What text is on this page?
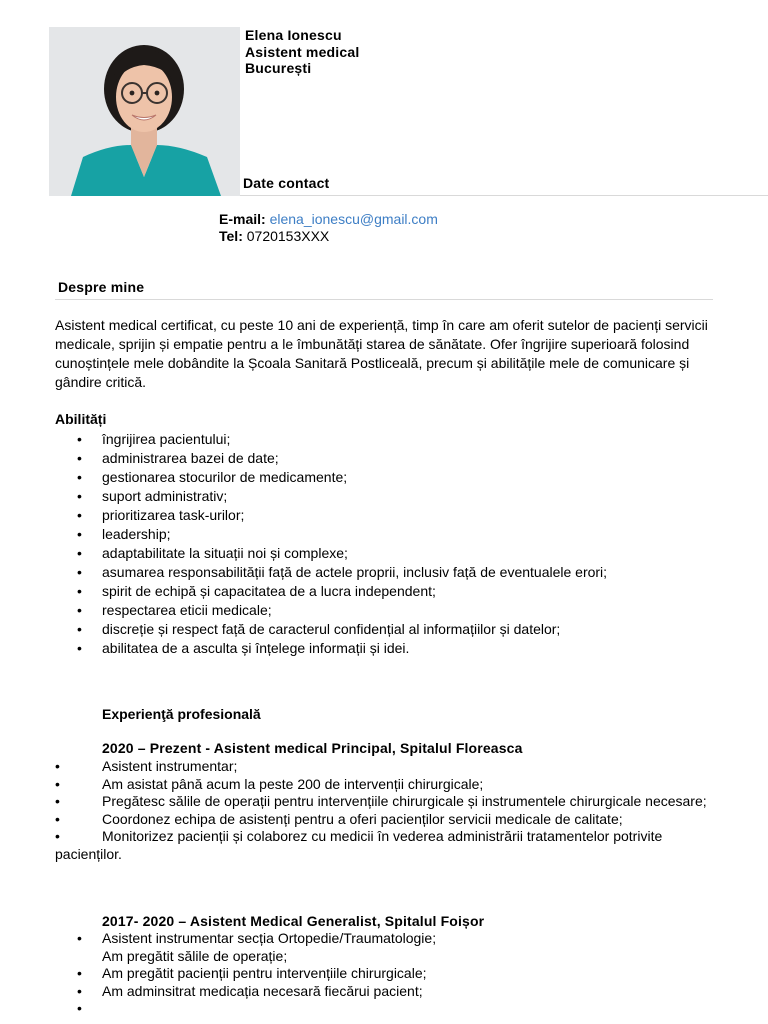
Elena Ionescu
Asistent medical
București
Date contact
E-mail: elena_ionescu@gmail.com
Tel: 0720153XXX
Despre mine
Asistent medical certificat, cu peste 10 ani de experiență, timp în care am oferit sutelor de pacienți servicii medicale, sprijin și empatie pentru a le îmbunătăți starea de sănătate. Ofer îngrijire superioară folosind cunoștințele mele dobândite la Școala Sanitară Postliceală, precum și abilitățile mele de comunicare și gândire critică.
Abilități
• îngrijirea pacientului;
• administrarea bazei de date;
• gestionarea stocurilor de medicamente;
• suport administrativ;
• prioritizarea task-urilor;
• leadership;
• adaptabilitate la situații noi și complexe;
• asumarea responsabilității față de actele proprii, inclusiv față de eventualele erori;
• spirit de echipă și capacitatea de a lucra independent;
• respectarea eticii medicale;
• discreție și respect față de caracterul confidențial al informațiilor și datelor;
• abilitatea de a asculta și înțelege informații și idei.
Experienţă profesională
2020 – Prezent - Asistent medical Principal, Spitalul Floreasca
•	Asistent instrumentar;
•	Am asistat până acum la peste 200 de intervenții chirurgicale;
•	Pregătesc sălile de operații pentru intervențiile chirurgicale și instrumentele chirurgicale necesare;
•	Coordonez echipa de asistenți pentru a oferi pacienților servicii medicale de calitate;
•	Monitorizez pacienții și colaborez cu medicii în vederea administrării tratamentelor potrivite pacienților.
2017- 2020 – Asistent Medical Generalist, Spitalul Foișor
• Asistent instrumentar secția Ortopedie/Traumatologie;
Am pregătit sălile de operație;
• Am pregătit pacienții pentru intervențiile chirurgicale;
• Am adminsitrat medicația necesară fiecărui pacient;
•
